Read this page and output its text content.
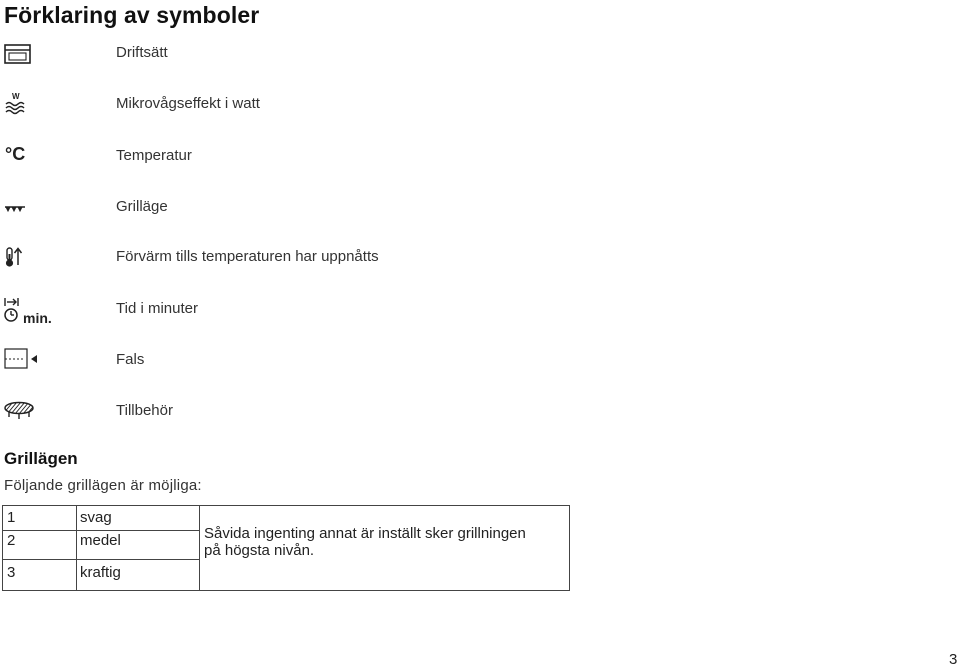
Förklaring av symboler
Driftsätt
W	Mikrovågseffekt i watt
°C	Temperatur
Grilläge
Förvärm tills temperaturen har uppnåtts
min.
Tid i minuter
Fals
Tillbehör
Grillägen
Följande grillägen är möjliga:
1	svag
2	medel
3	kraftig
Såvida ingenting annat är inställt sker grillningen
på högsta nivån.
3
